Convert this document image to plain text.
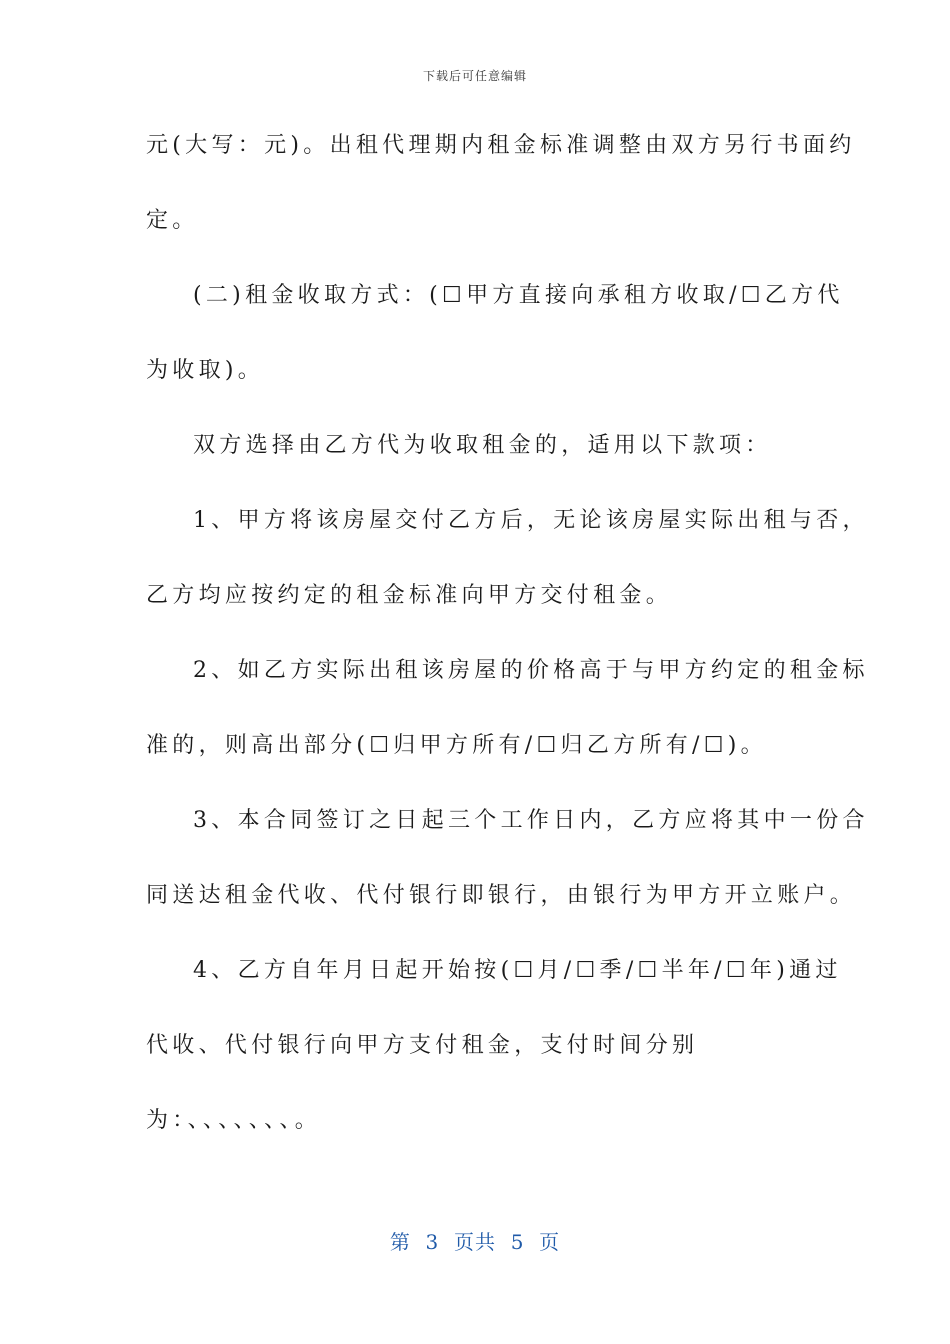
下载后可任意编辑
元(大写：元)。出租代理期内租金标准调整由双方另行书面约
定。
(二)租金收取方式：(☐甲方直接向承租方收取/☐乙方代
为收取)。
双方选择由乙方代为收取租金的，适用以下款项：
1、甲方将该房屋交付乙方后，无论该房屋实际出租与否，
乙方均应按约定的租金标准向甲方交付租金。
2、如乙方实际出租该房屋的价格高于与甲方约定的租金标
准的，则高出部分(☐归甲方所有/☐归乙方所有/☐)。
3、本合同签订之日起三个工作日内，乙方应将其中一份合
同送达租金代收、代付银行即银行，由银行为甲方开立账户。
4、乙方自年月日起开始按(☐月/☐季/☐半年/☐年)通过
代收、代付银行向甲方支付租金，支付时间分别
为：、、、、、、、。
第  3  页共  5  页
